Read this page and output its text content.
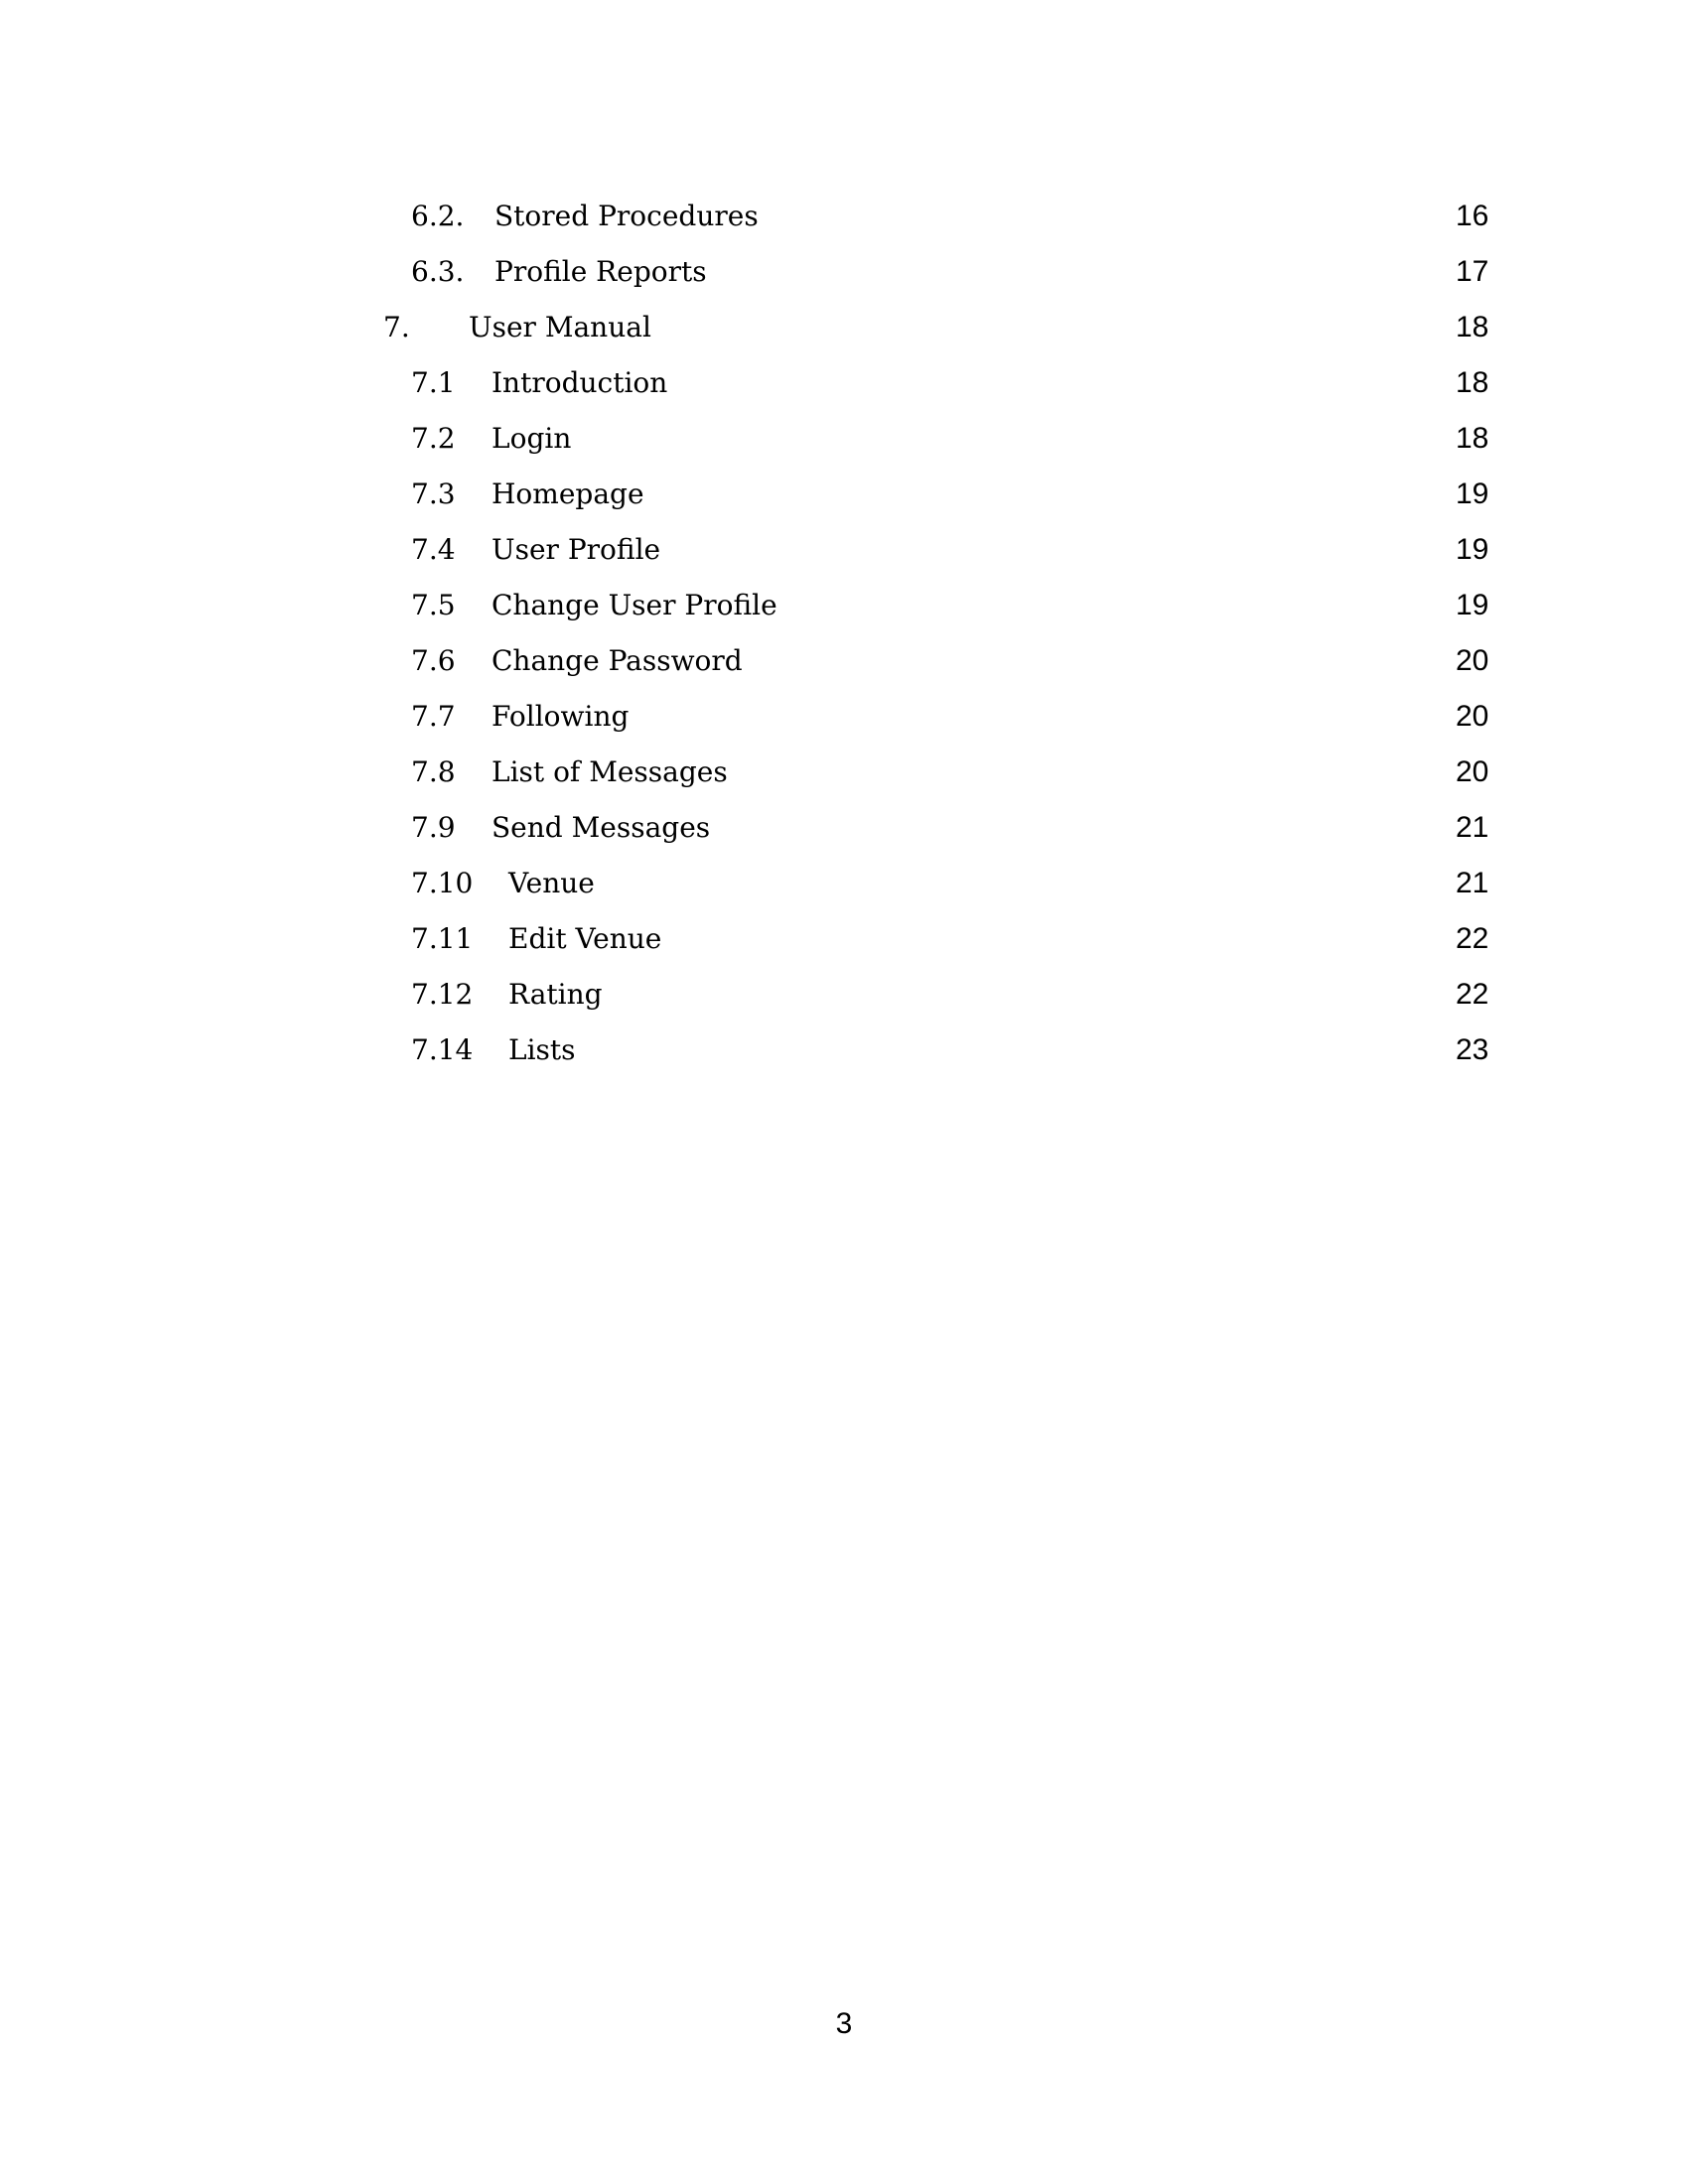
6.2. Stored Procedures	16
6.3. Profile Reports	17
7. User Manual	18
7.1 Introduction	18
7.2 Login	18
7.3 Homepage	19
7.4 User Profile	19
7.5 Change User Profile	19
7.6 Change Password	20
7.7 Following	20
7.8 List of Messages	20
7.9 Send Messages	21
7.10 Venue	21
7.11 Edit Venue	22
7.12 Rating	22
7.14 Lists	23
3
